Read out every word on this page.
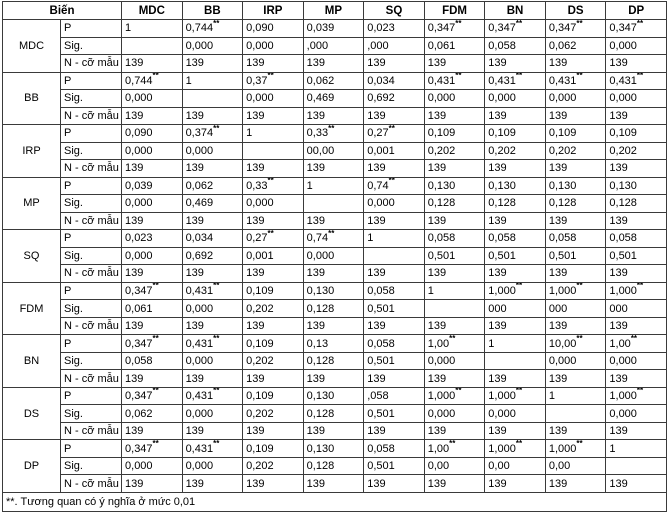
Biến		MDC	BB	IRP	MP	SQ	FDM	BN	DS	DP
MDC	P	1	0,744**	0,090	0,039	0,023	0,347**	0,347**	0,347**	0,347**
	Sig.		0,000	0,000	,000	,000	0,061	0,058	0,062	0,000
	N - cỡ mẫu	139	139	139	139	139	139	139	139	139
BB	P	0,744**	1	0,37**	0,062	0,034	0,431**	0,431**	0,431**	0,431**
	Sig.	0,000		0,000	0,469	0,692	0,000	0,000	0,000	0,000
	N - cỡ mẫu	139	139	139	139	139	139	139	139	139
IRP	P	0,090	0,374**	1	0,33**	0,27**	0,109	0,109	0,109	0,109
	Sig.	0,000	0,000		00,00	0,001	0,202	0,202	0,202	0,202
	N - cỡ mẫu	139	139	139	139	139	139	139	139	139
MP	P	0,039	0,062	0,33**	1	0,74**	0,130	0,130	0,130	0,130
	Sig.	0,000	0,469	0,000		0,000	0,128	0,128	0,128	0,128
	N - cỡ mẫu	139	139	139	139	139	139	139	139	139
SQ	P	0,023	0,034	0,27**	0,74**	1	0,058	0,058	0,058	0,058
	Sig.	0,000	0,692	0,001	0,000		0,501	0,501	0,501	0,501
	N - cỡ mẫu	139	139	139	139	139	139	139	139	139
FDM	P	0,347**	0,431**	0,109	0,130	0,058	1	1,000**	1,000**	1,000**
	Sig.	0,061	0,000	0,202	0,128	0,501		000	000	000
	N - cỡ mẫu	139	139	139	139	139	139	139	139	139
BN	P	0,347**	0,431**	0,109	0,13	0,058	1,00**	1	10,00**	1,00**
	Sig.	0,058	0,000	0,202	0,128	0,501	0,000		0,000	0,000
	N - cỡ mẫu	139	139	139	139	139	139	139	139	139
DS	P	0,347**	0,431**	0,109	0,130	,058	1,000**	1,000**	1	1,000**
	Sig.	0,062	0,000	0,202	0,128	0,501	0,000	0,000		0,000
	N - cỡ mẫu	139	139	139	139	139	139	139	139	139
DP	P	0,347**	0,431**	0,109	0,130	0,058	1,00**	1,000**	1,000**	1
	Sig.	0,000	0,000	0,202	0,128	0,501	0,00	0,00	0,00	
	N - cỡ mẫu	139	139	139	139	139	139	139	139	139
**. Tương quan có ý nghĩa ở mức 0,01										
